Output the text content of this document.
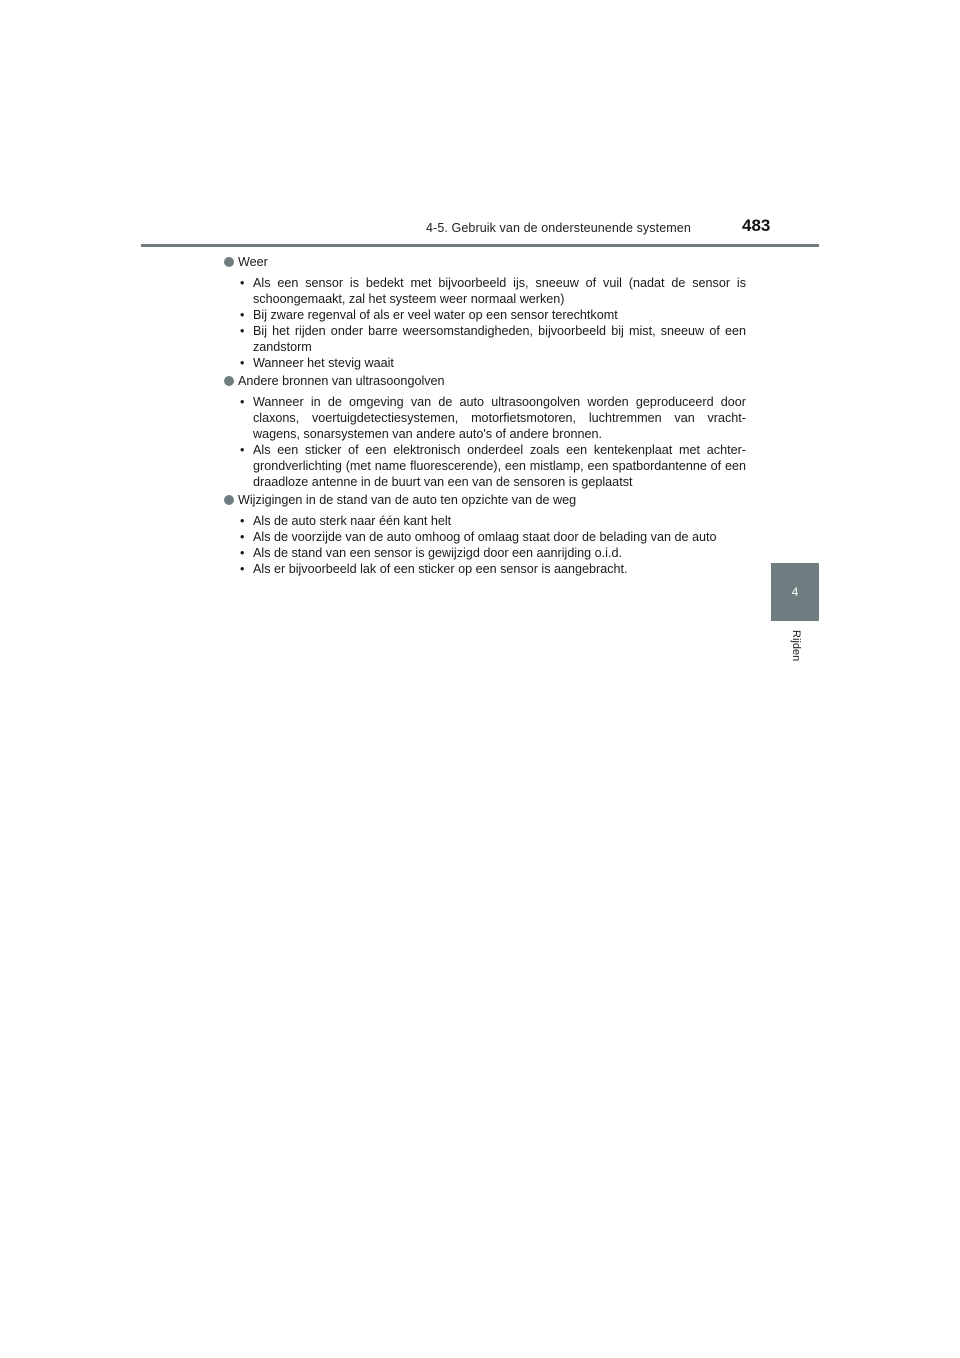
4-5. Gebruik van de ondersteunende systemen	483
4
Rijden
Weer
• Als een sensor is bedekt met bijvoorbeeld ijs, sneeuw of vuil (nadat de sensor is schoongemaakt, zal het systeem weer normaal werken)
• Bij zware regenval of als er veel water op een sensor terechtkomt
• Bij het rijden onder barre weersomstandigheden, bijvoorbeeld bij mist, sneeuw of een zandstorm
• Wanneer het stevig waait
Andere bronnen van ultrasoongolven
• Wanneer in de omgeving van de auto ultrasoongolven worden geproduceerd door claxons, voertuigdetectiesystemen, motorfietsmotoren, luchtremmen van vracht- wagens, sonarsystemen van andere auto's of andere bronnen.
• Als een sticker of een elektronisch onderdeel zoals een kentekenplaat met achter- grondverlichting (met name fluorescerende), een mistlamp, een spatbordantenne of een draadloze antenne in de buurt van een van de sensoren is geplaatst
Wijzigingen in de stand van de auto ten opzichte van de weg
• Als de auto sterk naar één kant helt
• Als de voorzijde van de auto omhoog of omlaag staat door de belading van de auto
• Als de stand van een sensor is gewijzigd door een aanrijding o.i.d.
• Als er bijvoorbeeld lak of een sticker op een sensor is aangebracht.
